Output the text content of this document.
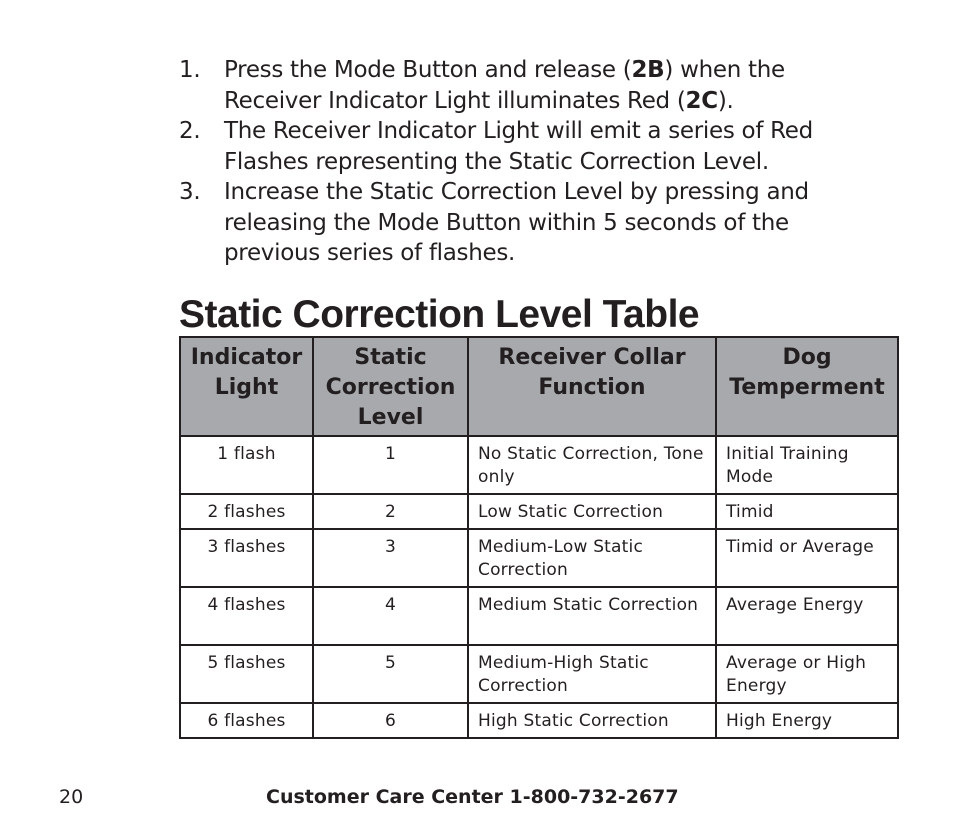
1. Press the Mode Button and release (2B) when the Receiver Indicator Light illuminates Red (2C).
2. The Receiver Indicator Light will emit a series of Red Flashes representing the Static Correction Level.
3. Increase the Static Correction Level by pressing and releasing the Mode Button within 5 seconds of the previous series of flashes.
Static Correction Level Table
Indicator Light	Static Correction Level	Receiver Collar Function	Dog Temperment
1 flash	1	No Static Correction, Tone only	Initial Training Mode
2 flashes	2	Low Static Correction	Timid
3 flashes	3	Medium-Low Static Correction	Timid or Average
4 flashes	4	Medium Static Correction	Average Energy
5 flashes	5	Medium-High Static Correction	Average or High Energy
6 flashes	6	High Static Correction	High Energy
20	Customer Care Center 1-800-732-2677
